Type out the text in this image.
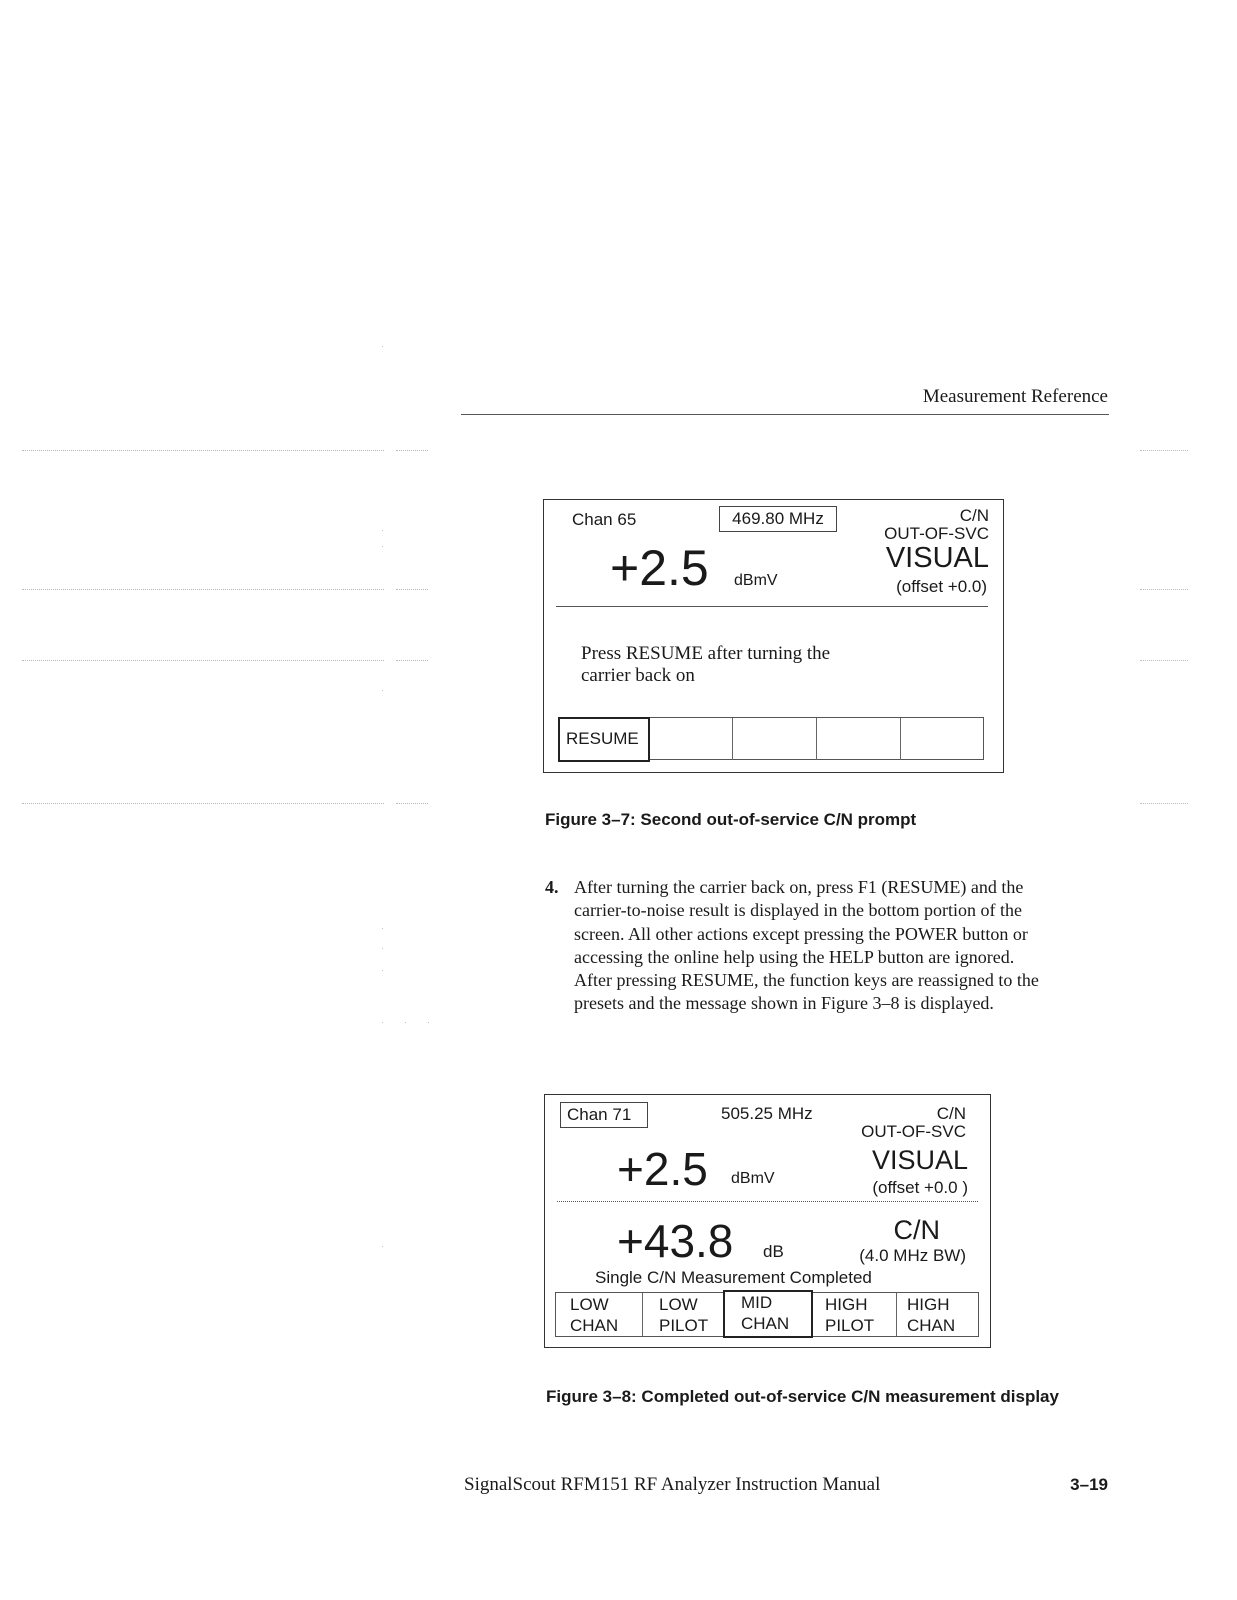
Measurement Reference
Chan 65	469.80 MHz	C/N
OUT-OF-SVC
+2.5 dBmV
VISUAL
(offset +0.0)
Press RESUME after turning the
carrier back on
RESUME
Figure 3–7: Second out-of-service C/N prompt
4. After turning the carrier back on, press F1 (RESUME) and the
carrier-to-noise result is displayed in the bottom portion of the
screen. All other actions except pressing the POWER button or
accessing the online help using the HELP button are ignored.
After pressing RESUME, the function keys are reassigned to the
presets and the message shown in Figure 3–8 is displayed.
Chan 71	505.25 MHz	C/N
OUT-OF-SVC
+2.5 dBmV
VISUAL
(offset +0.0 )
+43.8 dB
C/N
(4.0 MHz BW)
Single C/N Measurement Completed
LOW
CHAN
LOW
PILOT
HIGH
PILOT
HIGH
CHAN
MID
CHAN
Figure 3–8: Completed out-of-service C/N measurement display
SignalScout RFM151 RF Analyzer Instruction Manual	3–19
